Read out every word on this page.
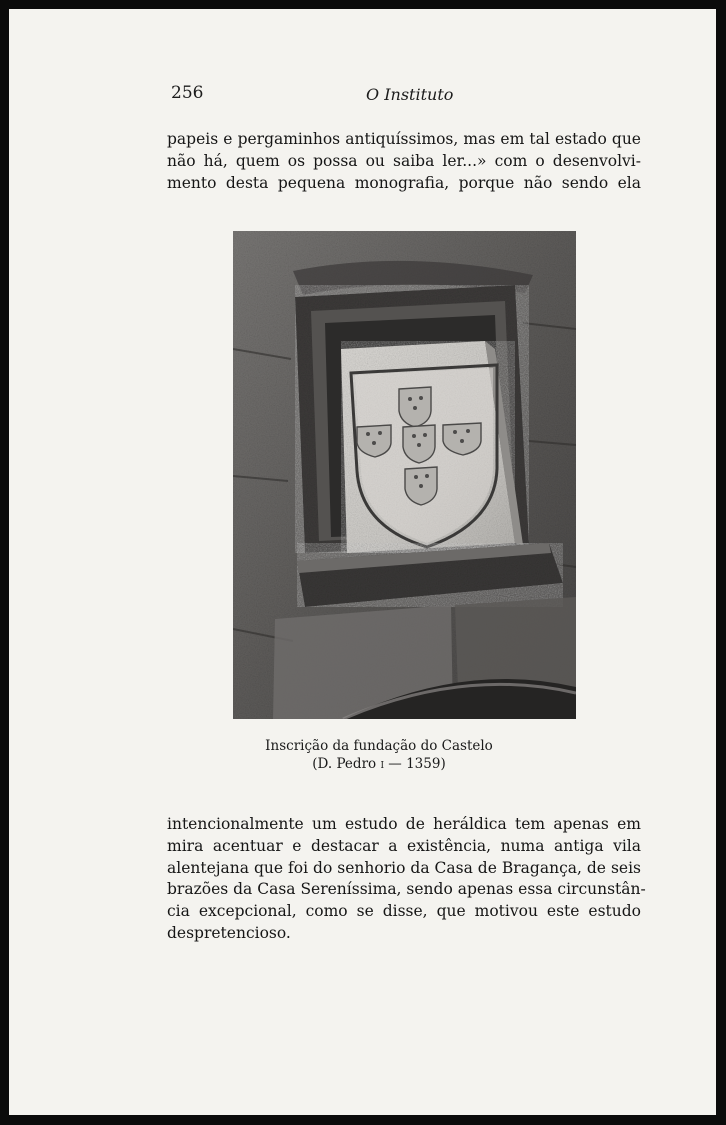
256	O Instituto
papeis e pergaminhos antiquíssimos, mas em tal estado que
não há, quem os possa ou saiba ler...» com o desenvolvi-
mento desta pequena monografia, porque não sendo ela
Inscrição da fundação do Castelo
(D. Pedro i — 1359)
intencionalmente um estudo de heráldica tem apenas em
mira acentuar e destacar a existência, numa antiga vila
alentejana que foi do senhorio da Casa de Bragança, de seis
brazões da Casa Sereníssima, sendo apenas essa circunstân-
cia excepcional, como se disse, que motivou este estudo
despretencioso.
